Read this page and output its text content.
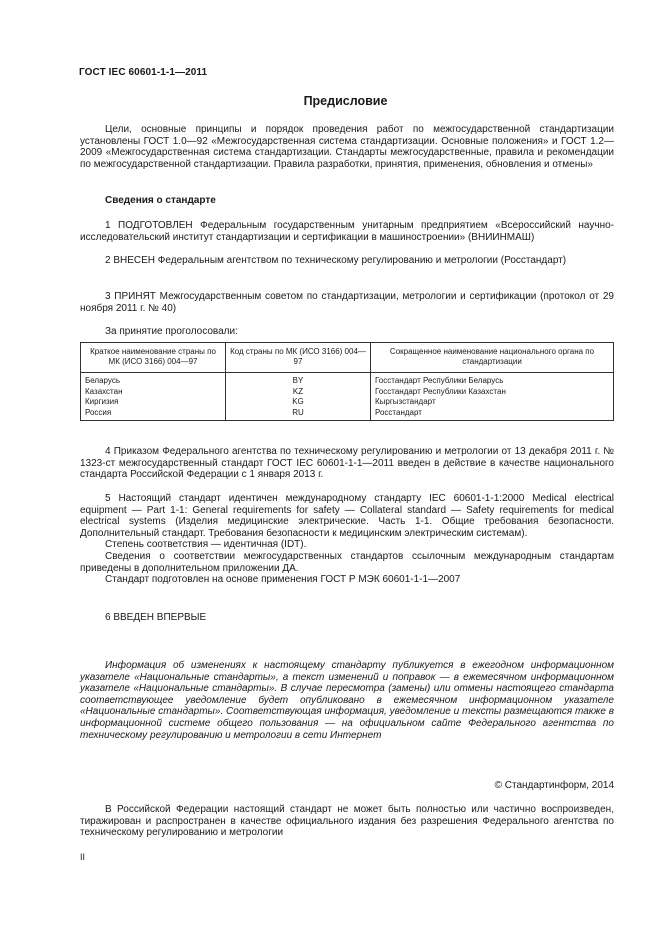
ГОСТ IEC 60601-1-1—2011
Предисловие

Цели, основные принципы и порядок проведения работ по межгосударственной стандартизации установлены ГОСТ 1.0—92 «Межгосударственная система стандартизации. Основные положения» и ГОСТ 1.2—2009 «Межгосударственная система стандартизации. Стандарты межгосударственные, правила и рекомендации по межгосударственной стандартизации. Правила разработки, принятия, применения, обновления и отмены»

Сведения о стандарте

1 ПОДГОТОВЛЕН Федеральным государственным унитарным предприятием «Всероссийский научно-исследовательский институт стандартизации и сертификации в машиностроении» (ВНИИНМАШ)

2 ВНЕСЕН Федеральным агентством по техническому регулированию и метрологии (Росстандарт)

3 ПРИНЯТ Межгосударственным советом по стандартизации, метрологии и сертификации (протокол от 29 ноября 2011 г. № 40)

За принятие проголосовали:

Краткое наименование страны по МК (ИСО 3166) 004—97	Код страны по МК (ИСО 3166) 004—97	Сокращенное наименование национального органа по стандартизации
Беларусь	BY	Госстандарт Республики Беларусь
Казахстан	KZ	Госстандарт Республики Казахстан
Киргизия	KG	Кыргызстандарт
Россия	RU	Росстандарт

4 Приказом Федерального агентства по техническому регулированию и метрологии от 13 декабря 2011 г. № 1323-ст межгосударственный стандарт ГОСТ IEC 60601-1-1—2011 введен в действие в качестве национального стандарта Российской Федерации с 1 января 2013 г.

5 Настоящий стандарт идентичен международному стандарту IEC 60601-1-1:2000 Medical electrical equipment — Part 1-1: General requirements for safety — Collateral standard — Safety requirements for medical electrical systems (Изделия медицинские электрические. Часть 1-1. Общие требования безопасности. Дополнительный стандарт. Требования безопасности к медицинским электрическим системам).

Степень соответствия — идентичная (IDT).

Сведения о соответствии межгосударственных стандартов ссылочным международным стандартам приведены в дополнительном приложении ДА.

Стандарт подготовлен на основе применения ГОСТ Р МЭК 60601-1-1—2007

6 ВВЕДЕН ВПЕРВЫЕ

Информация об изменениях к настоящему стандарту публикуется в ежегодном информационном указателе «Национальные стандарты», а текст изменений и поправок — в ежемесячном информационном указателе «Национальные стандарты». В случае пересмотра (замены) или отмены настоящего стандарта соответствующее уведомление будет опубликовано в ежемесячном информационном указателе «Национальные стандарты». Соответствующая информация, уведомление и тексты размещаются также в информационной системе общего пользования — на официальном сайте Федерального агентства по техническому регулированию и метрологии в сети Интернет

© Стандартинформ, 2014

В Российской Федерации настоящий стандарт не может быть полностью или частично воспроизведен, тиражирован и распространен в качестве официального издания без разрешения Федерального агентства по техническому регулированию и метрологии

II
